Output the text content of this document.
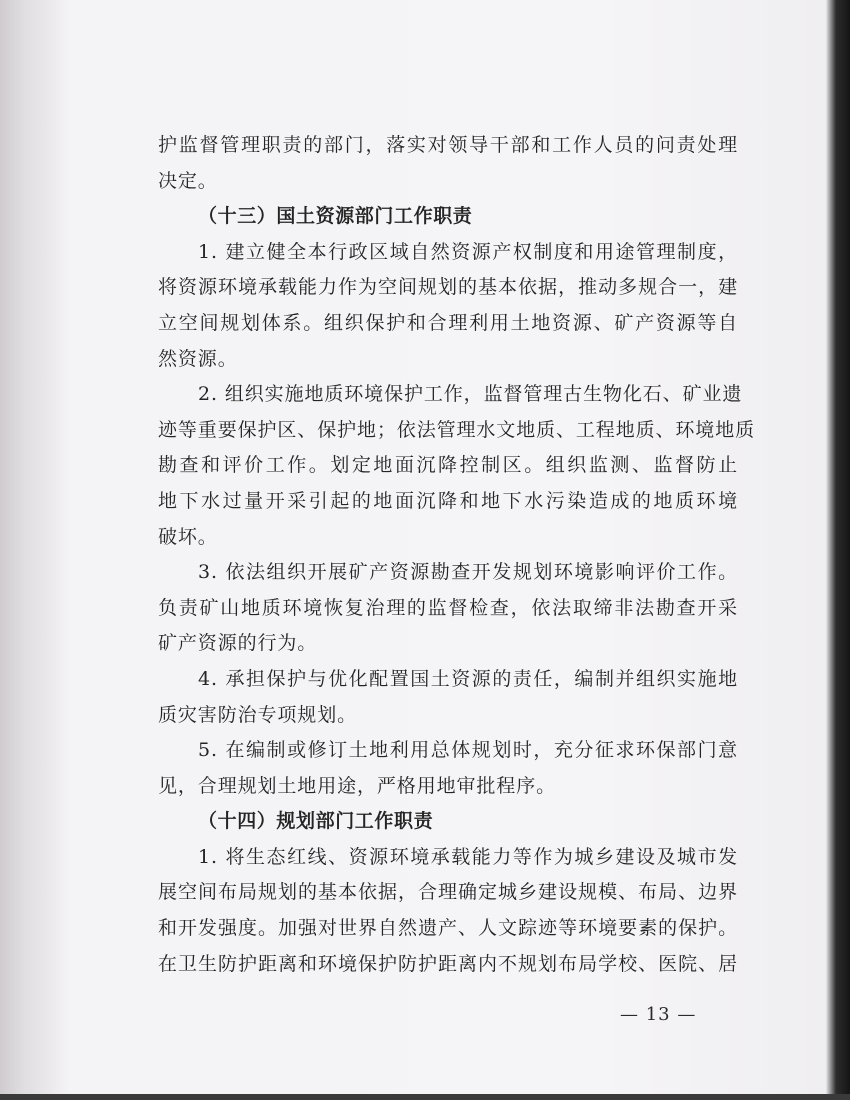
护监督管理职责的部门，落实对领导干部和工作人员的问责处理
决定。
（十三）国土资源部门工作职责
1. 建立健全本行政区域自然资源产权制度和用途管理制度，
将资源环境承载能力作为空间规划的基本依据，推动多规合一，建
立空间规划体系。组织保护和合理利用土地资源、矿产资源等自
然资源。
2. 组织实施地质环境保护工作，监督管理古生物化石、矿业遗
迹等重要保护区、保护地；依法管理水文地质、工程地质、环境地质
勘查和评价工作。划定地面沉降控制区。组织监测、监督防止
地下水过量开采引起的地面沉降和地下水污染造成的地质环境
破坏。
3. 依法组织开展矿产资源勘查开发规划环境影响评价工作。
负责矿山地质环境恢复治理的监督检查，依法取缔非法勘查开采
矿产资源的行为。
4. 承担保护与优化配置国土资源的责任，编制并组织实施地
质灾害防治专项规划。
5. 在编制或修订土地利用总体规划时，充分征求环保部门意
见，合理规划土地用途，严格用地审批程序。
（十四）规划部门工作职责
1. 将生态红线、资源环境承载能力等作为城乡建设及城市发
展空间布局规划的基本依据，合理确定城乡建设规模、布局、边界
和开发强度。加强对世界自然遗产、人文踪迹等环境要素的保护。
在卫生防护距离和环境保护防护距离内不规划布局学校、医院、居
— 13 —
